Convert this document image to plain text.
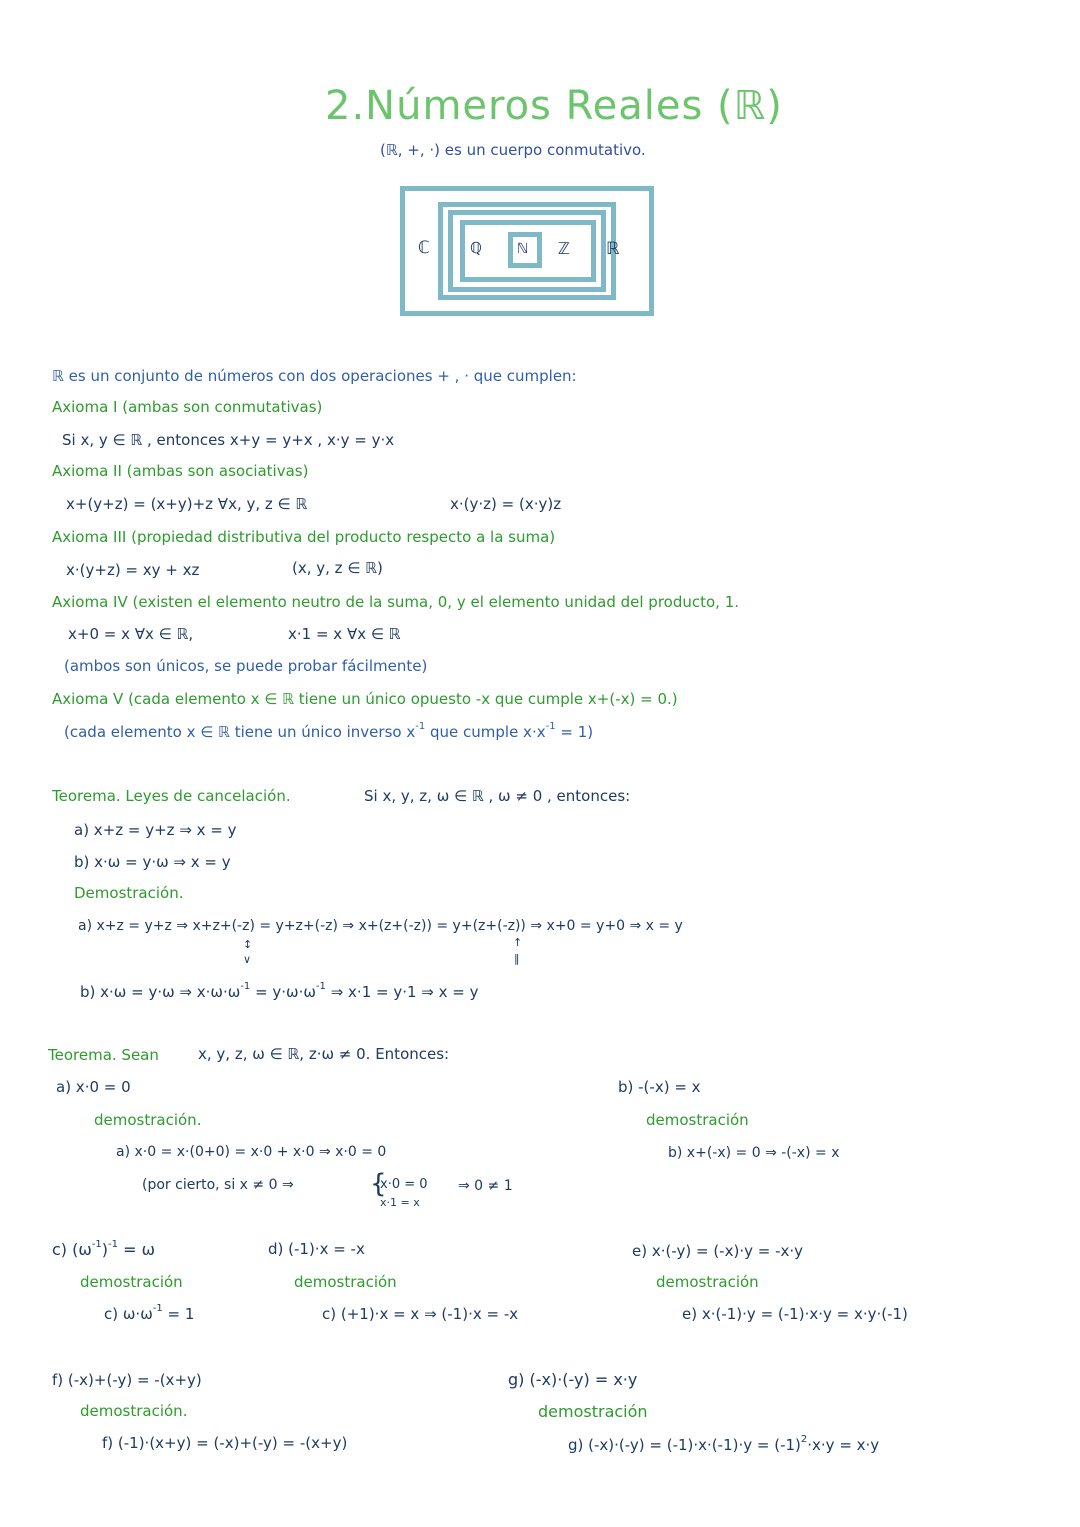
2.Números Reales (ℝ)
(ℝ, +, ·) es un cuerpo conmutativo.
ℂ	ℚ	ℕ ℤ ℝ
ℝ es un conjunto de números con dos operaciones + , · que cumplen:
Axioma I (ambas son conmutativas)
Si x, y ∈ ℝ , entonces x+y = y+x , x·y = y·x
Axioma II (ambas son asociativas)
x+(y+z) = (x+y)+z ∀x, y, z ∈ ℝ	x·(y·z) = (x·y)z
Axioma III (propiedad distributiva del producto respecto a la suma)
x·(y+z) = xy + xz	(x, y, z ∈ ℝ)
Axioma IV (existen el elemento neutro de la suma, 0, y el elemento unidad del producto, 1.
x+0 = x ∀x ∈ ℝ,	x·1 = x ∀x ∈ ℝ
(ambos son únicos, se puede probar fácilmente)
Axioma V (cada elemento x ∈ ℝ tiene un único opuesto -x que cumple x+(-x) = 0.)
(cada elemento x ∈ ℝ tiene un único inverso $x^{-1}$ que cumple $x\cdot x^{-1} = 1$)
Teorema. Leyes de cancelación.	Si x, y, z, ω ∈ ℝ , ω ≠ 0 , entonces:
a) x+z = y+z ⇒ x = y
b) x·ω = y·ω ⇒ x = y
Demostración.
a) x+z = y+z ⇒ x+z+(-z) = y+z+(-z) ⇒ x+(z+(-z)) = y+(z+(-z)) ⇒ x+0 = y+0 ⇒ x = y
↕	↑
∨	‖
b) x·ω = y·ω ⇒ $x\cdot\omega\cdot\omega^{-1} = y\cdot\omega\cdot\omega^{-1}$ ⇒ x·1 = y·1 ⇒ x = y
Teorema. Sean	x, y, z, ω ∈ ℝ, z·ω ≠ 0. Entonces:
a) x·0 = 0
demostración.
a) x·0 = x·(0+0) = x·0 + x·0 ⇒ x·0 = 0
(por cierto, si x ≠ 0 ⇒	{
x·0 = 0
x·1 = x
⇒ 0 ≠ 1
b) -(-x) = x
demostración
b) x+(-x) = 0 ⇒ -(-x) = x
c) $(\omega^{-1})^{-1} = \omega$
demostración
c) $\omega\cdot\omega^{-1} = 1$
d) (-1)·x = -x
demostración
c) (+1)·x = x ⇒ (-1)·x = -x
e) x·(-y) = (-x)·y = -x·y
demostración
e) x·(-1)·y = (-1)·x·y = x·y·(-1)
f) (-x)+(-y) = -(x+y)
demostración.
f) (-1)·(x+y) = (-x)+(-y) = -(x+y)
g) (-x)·(-y) = x·y
demostración
g) $(-x)\cdot(-y) = (-1)\cdot x\cdot(-1)\cdot y = (-1)^2\cdot x\cdot y = x\cdot y$
